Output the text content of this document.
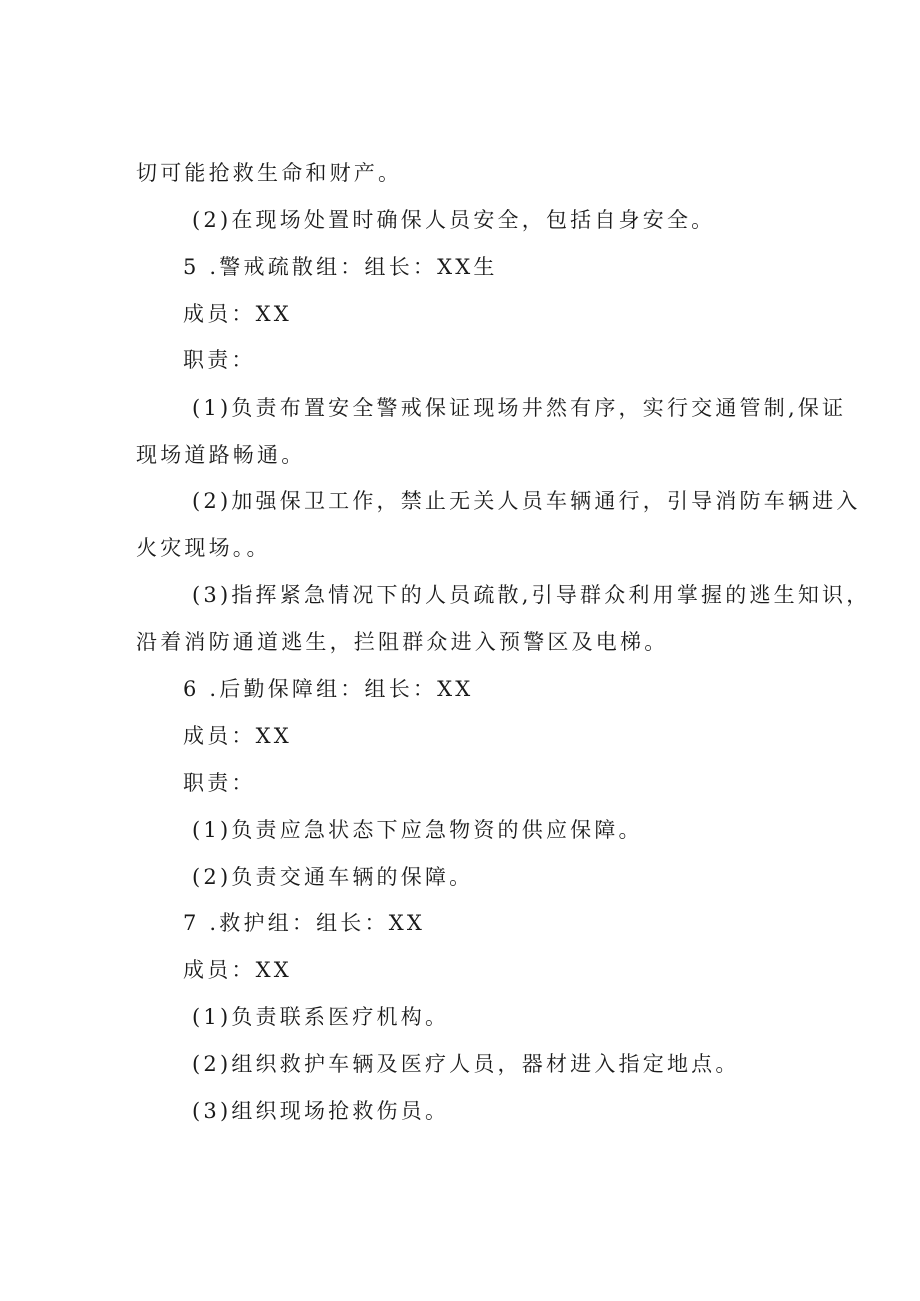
切可能抢救生命和财产。
(2)在现场处置时确保人员安全，包括自身安全。
5 .警戒疏散组：组长：XX生
成员：XX
职责：
(1)负责布置安全警戒保证现场井然有序，实行交通管制,保证
现场道路畅通。
(2)加强保卫工作，禁止无关人员车辆通行，引导消防车辆进入
火灾现场。。
(3)指挥紧急情况下的人员疏散,引导群众利用掌握的逃生知识，
沿着消防通道逃生，拦阻群众进入预警区及电梯。
6 .后勤保障组：组长：XX
成员：XX
职责：
(1)负责应急状态下应急物资的供应保障。
(2)负责交通车辆的保障。
7 .救护组：组长：XX
成员：XX
(1)负责联系医疗机构。
(2)组织救护车辆及医疗人员，器材进入指定地点。
(3)组织现场抢救伤员。
